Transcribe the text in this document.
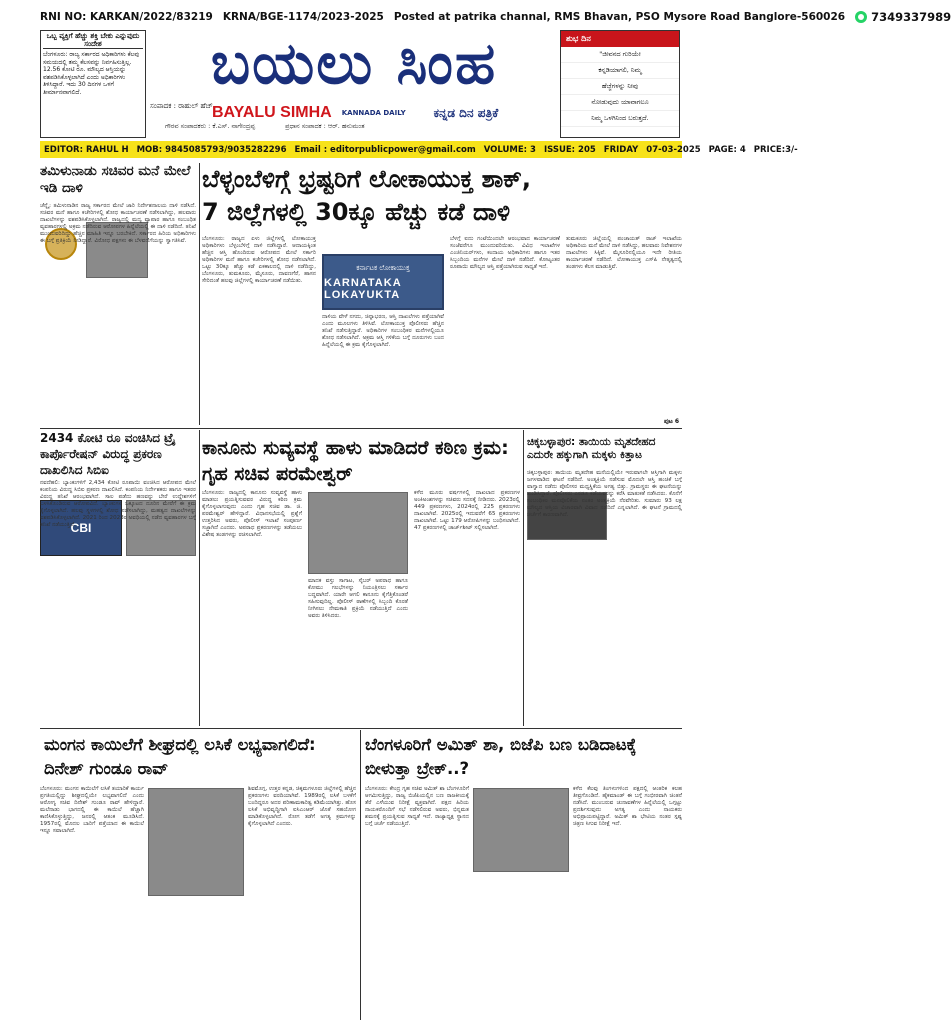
RNI NO: KARKAN/2022/83219 KRNA/BGE-1174/2023-2025 Posted at patrika channal, RMS Bhavan, PSO Mysore Road Banglore-560026 7349337989
ಒಬ್ಬ ವ್ಯಕ್ತಿಗೆ ಹೆಚ್ಚು ಶಕ್ತಿ ಬೇಕು ಎನ್ನುವುದು ಸಂದೇಶ
ಬೆಂಗಳೂರು: ರಾಜ್ಯ ಸರ್ಕಾರದ ಅಧಿಕಾರಿಗಳು ಕೆಲವು ಸಮಯದಲ್ಲಿ ತಮ್ಮ ಕೆಲಸವನ್ನು ನಿರ್ವಹಿಸುತ್ತಿಲ್ಲ. 12.56 ಕೋಟಿ ರೂ. ಮೌಲ್ಯದ ಆಸ್ತಿಯನ್ನು ವಶಪಡಿಸಿಕೊಳ್ಳಲಾಗಿದೆ ಎಂದು ಅಧಿಕಾರಿಗಳು ತಿಳಿಸಿದ್ದಾರೆ. ಇದು 30 ದಿನಗಳ ಒಳಗೆ ತೀರ್ಮಾನವಾಗಲಿದೆ.	ಬಯಲು ಸಿಂಹ
ಸಂಪಾದಕ : ರಾಹುಲ್ ಹೆಚ್.
BAYALU SIMHA KANNADA DAILY ಕನ್ನಡ ದಿನ ಪತ್ರಿಕೆ
ಗೌರವ ಸಂಪಾದಕರು : ಕೆ.ಎಸ್. ನಾಗೇಂದ್ರಪ್ಪ	ಪ್ರಧಾನ ಸಂಪಾದಕ : ಆರ್. ಹನುಮಂತ
ಶುಭ ದಿನ
"ಜೀವನದ ಗುರಿಯೇ
ಕನ್ನಡಿಯಾಗಲಿ, ನಿಮ್ಮ
ಹೆಜ್ಜೆಗಳನ್ನು ನೀವು
ನೋಡುವುದು ಯಾವಾಗಲೂ
ನಿಮ್ಮ ಒಳಗಿನಿಂದ ಬರುತ್ತದೆ.
EDITOR: RAHUL H MOB: 9845085793/9035282296 Email : editorpublicpower@gmail.com VOLUME: 3 ISSUE: 205 FRIDAY 07-03-2025 PAGE: 4 PRICE:3/-
ತಮಿಳುನಾಡು ಸಚಿವರ ಮನೆ ಮೇಲೆ ಇಡಿ ದಾಳಿ
ಚೆನ್ನೈ: ತಮಿಳುನಾಡಿನ ರಾಜ್ಯ ಸರ್ಕಾರದ ಮೇಲೆ ಜಾರಿ ನಿರ್ದೇಶನಾಲಯ ದಾಳಿ ನಡೆಸಿದೆ. ಸಚಿವರ ಮನೆ ಹಾಗೂ ಕಚೇರಿಗಳಲ್ಲಿ ಶೋಧ ಕಾರ್ಯಾಚರಣೆ ನಡೆಸಲಾಗಿದ್ದು, ಹಲವಾರು ದಾಖಲೆಗಳನ್ನು ವಶಪಡಿಸಿಕೊಳ್ಳಲಾಗಿದೆ. ರಾಜ್ಯದಲ್ಲಿ ಮದ್ಯ ವ್ಯಾಪಾರ ಹಾಗೂ ಸಂಬಂಧಿತ ವ್ಯವಹಾರಗಳಲ್ಲಿ ಅಕ್ರಮ ನಡೆದಿರುವ ಆರೋಪಗಳ ಹಿನ್ನೆಲೆಯಲ್ಲಿ ಈ ದಾಳಿ ನಡೆದಿದೆ. ತನಿಖೆ ಮುಂದುವರಿದಿದ್ದು ಹೆಚ್ಚಿನ ಮಾಹಿತಿ ಇನ್ನೂ ಬರಬೇಕಿದೆ. ಸರ್ಕಾರದ ಹಿರಿಯ ಅಧಿಕಾರಿಗಳು ಈ ಬಗ್ಗೆ ಪ್ರತಿಕ್ರಿಯೆ ನೀಡಿದ್ದಾರೆ. ವಿರೋಧ ಪಕ್ಷಗಳು ಈ ಬೆಳವಣಿಗೆಯನ್ನು ಸ್ವಾಗತಿಸಿವೆ.
ಬೆಳ್ಳಂಬೆಳಿಗ್ಗೆ ಭ್ರಷ್ಟರಿಗೆ ಲೋಕಾಯುಕ್ತ ಶಾಕ್,
7 ಜಿಲ್ಲೆಗಳಲ್ಲಿ 30ಕ್ಕೂ ಹೆಚ್ಚು ಕಡೆ ದಾಳಿ
ಬೆಂಗಳೂರು: ರಾಜ್ಯದ ಏಳು ಜಿಲ್ಲೆಗಳಲ್ಲಿ ಲೋಕಾಯುಕ್ತ ಅಧಿಕಾರಿಗಳು ಬೆಳ್ಳಂಬೆಳಿಗ್ಗೆ ದಾಳಿ ನಡೆಸಿದ್ದಾರೆ. ಆದಾಯಕ್ಕಿಂತ ಹೆಚ್ಚಿನ ಆಸ್ತಿ ಹೊಂದಿರುವ ಆರೋಪದ ಮೇಲೆ ಸರ್ಕಾರಿ ಅಧಿಕಾರಿಗಳ ಮನೆ ಹಾಗೂ ಕಚೇರಿಗಳಲ್ಲಿ ಶೋಧ ನಡೆಸಲಾಗಿದೆ. ಒಟ್ಟು 30ಕ್ಕೂ ಹೆಚ್ಚು ಕಡೆ ಏಕಕಾಲದಲ್ಲಿ ದಾಳಿ ನಡೆದಿದ್ದು, ಬೆಂಗಳೂರು, ತುಮಕೂರು, ಮೈಸೂರು, ದಾವಣಗೆರೆ, ಹಾಸನ ಸೇರಿದಂತೆ ಹಲವು ಜಿಲ್ಲೆಗಳಲ್ಲಿ ಕಾರ್ಯಾಚರಣೆ ನಡೆಯಿತು.
ಕರ್ನಾಟಕ ಲೋಕಾಯುಕ್ತ
KARNATAKA LOKAYUKTA
ದಾಳಿಯ ವೇಳೆ ನಗದು, ಚಿನ್ನಾಭರಣ, ಆಸ್ತಿ ದಾಖಲೆಗಳು ಪತ್ತೆಯಾಗಿವೆ ಎಂದು ಮೂಲಗಳು ತಿಳಿಸಿವೆ. ಲೋಕಾಯುಕ್ತ ಪೊಲೀಸರು ಹೆಚ್ಚಿನ ತನಿಖೆ ನಡೆಸುತ್ತಿದ್ದಾರೆ. ಅಧಿಕಾರಿಗಳ ಸಂಬಂಧಿಕರ ಮನೆಗಳಲ್ಲಿಯೂ ಶೋಧ ನಡೆಸಲಾಗಿದೆ. ಅಕ್ರಮ ಆಸ್ತಿ ಗಳಿಕೆಯ ಬಗ್ಗೆ ದೂರುಗಳು ಬಂದ ಹಿನ್ನೆಲೆಯಲ್ಲಿ ಈ ಕ್ರಮ ಕೈಗೊಳ್ಳಲಾಗಿದೆ.
ಬೆಳಗ್ಗೆ ಐದು ಗಂಟೆಯಿಂದಲೇ ಆರಂಭವಾದ ಕಾರ್ಯಾಚರಣೆ ಸಂಜೆವರೆಗೂ ಮುಂದುವರಿಯಿತು. ವಿವಿಧ ಇಲಾಖೆಗಳ ಎಂಜಿನಿಯರ್‌ಗಳು, ಕಂದಾಯ ಅಧಿಕಾರಿಗಳು ಹಾಗೂ ಇತರ ಸಿಬ್ಬಂದಿಯ ಮನೆಗಳ ಮೇಲೆ ದಾಳಿ ನಡೆದಿದೆ. ಕೋಟ್ಯಂತರ ರೂಪಾಯಿ ಮೌಲ್ಯದ ಆಸ್ತಿ ಪತ್ತೆಯಾಗಿರುವ ಸಾಧ್ಯತೆ ಇದೆ.
ತುಮಕೂರು ಜಿಲ್ಲೆಯಲ್ಲಿ ಪಂಚಾಯತ್ ರಾಜ್ ಇಲಾಖೆಯ ಅಧಿಕಾರಿಯ ಮನೆ ಮೇಲೆ ದಾಳಿ ನಡೆಸಿದ್ದು, ಹಲವಾರು ನಿವೇಶನಗಳ ದಾಖಲೆಗಳು ಸಿಕ್ಕಿವೆ. ಮೈಸೂರಿನಲ್ಲಿಯೂ ಇದೇ ರೀತಿಯ ಕಾರ್ಯಾಚರಣೆ ನಡೆದಿದೆ. ಲೋಕಾಯುಕ್ತ ಎಸ್‌ಪಿ ನೇತೃತ್ವದಲ್ಲಿ ತಂಡಗಳು ಕೆಲಸ ಮಾಡುತ್ತಿವೆ.
ಪುಟ 6
2434 ಕೋಟಿ ರೂ ವಂಚಿಸಿದ ಟ್ರೈ ಕಾರ್ಪೊರೇಷನ್ ವಿರುದ್ಧ ಪ್ರಕರಣ ದಾಖಲಿಸಿದ ಸಿಬಿಐ
CBI
ನವದೆಹಲಿ: ಬ್ಯಾಂಕುಗಳಿಗೆ 2,434 ಕೋಟಿ ರೂಪಾಯಿ ವಂಚಿಸಿದ ಆರೋಪದ ಮೇಲೆ ಕಂಪನಿಯ ವಿರುದ್ಧ ಸಿಬಿಐ ಪ್ರಕರಣ ದಾಖಲಿಸಿದೆ. ಕಂಪನಿಯ ನಿರ್ದೇಶಕರು ಹಾಗೂ ಇತರರ ವಿರುದ್ಧ ತನಿಖೆ ಆರಂಭವಾಗಿದೆ. ಸಾಲ ಪಡೆದು ಹಣವನ್ನು ಬೇರೆ ಉದ್ದೇಶಗಳಿಗೆ ಬಳಸಿಕೊಂಡಿರುವ ಆರೋಪವಿದೆ. ಬ್ಯಾಂಕುಗಳ ಒಕ್ಕೂಟದ ದೂರಿನ ಮೇರೆಗೆ ಈ ಕ್ರಮ ಕೈಗೊಳ್ಳಲಾಗಿದೆ. ಹಲವು ಸ್ಥಳಗಳಲ್ಲಿ ಶೋಧ ನಡೆಸಲಾಗಿದ್ದು, ಮಹತ್ವದ ದಾಖಲೆಗಳನ್ನು ವಶಪಡಿಸಿಕೊಳ್ಳಲಾಗಿದೆ. 2021 ರಿಂದ 2023ರ ಅವಧಿಯಲ್ಲಿ ನಡೆದ ವ್ಯವಹಾರಗಳ ಬಗ್ಗೆ ತನಿಖೆ ನಡೆಯುತ್ತಿದೆ.
ಕಾನೂನು ಸುವ್ಯವಸ್ಥೆ ಹಾಳು ಮಾಡಿದರೆ ಕಠಿಣ ಕ್ರಮ: ಗೃಹ ಸಚಿವ ಪರಮೇಶ್ವರ್
ಬೆಂಗಳೂರು: ರಾಜ್ಯದಲ್ಲಿ ಕಾನೂನು ಸುವ್ಯವಸ್ಥೆ ಹಾಳು ಮಾಡಲು ಪ್ರಯತ್ನಿಸುವವರ ವಿರುದ್ಧ ಕಠಿಣ ಕ್ರಮ ಕೈಗೊಳ್ಳಲಾಗುವುದು ಎಂದು ಗೃಹ ಸಚಿವ ಡಾ. ಜಿ. ಪರಮೇಶ್ವರ್ ಹೇಳಿದ್ದಾರೆ. ವಿಧಾನಸಭೆಯಲ್ಲಿ ಪ್ರಶ್ನೆಗೆ ಉತ್ತರಿಸಿದ ಅವರು, ಪೊಲೀಸ್ ಇಲಾಖೆ ಸಂಪೂರ್ಣ ಸಜ್ಜಾಗಿದೆ ಎಂದರು. ಅಪರಾಧ ಪ್ರಕರಣಗಳನ್ನು ತಡೆಯಲು ವಿಶೇಷ ತಂಡಗಳನ್ನು ರಚಿಸಲಾಗಿದೆ.
ಮಾದಕ ವಸ್ತು ಸಾಗಾಟ, ಸೈಬರ್ ಅಪರಾಧ ಹಾಗೂ ಕೋಮು ಗಲಭೆಗಳನ್ನು ನಿಯಂತ್ರಿಸಲು ಸರ್ಕಾರ ಬದ್ಧವಾಗಿದೆ. ಯಾರೇ ಆಗಲಿ ಕಾನೂನು ಕೈಗೆತ್ತಿಕೊಂಡರೆ ಸಹಿಸುವುದಿಲ್ಲ. ಪೊಲೀಸ್ ಠಾಣೆಗಳಲ್ಲಿ ಸಿಬ್ಬಂದಿ ಕೊರತೆ ನೀಗಿಸಲು ನೇಮಕಾತಿ ಪ್ರಕ್ರಿಯೆ ನಡೆಯುತ್ತಿದೆ ಎಂದು ಅವರು ತಿಳಿಸಿದರು.
ಕಳೆದ ಮೂರು ವರ್ಷಗಳಲ್ಲಿ ದಾಖಲಾದ ಪ್ರಕರಣಗಳ ಅಂಕಿಅಂಶಗಳನ್ನು ಸಚಿವರು ಸದನಕ್ಕೆ ನೀಡಿದರು. 2023ರಲ್ಲಿ 449 ಪ್ರಕರಣಗಳು, 2024ರಲ್ಲಿ 225 ಪ್ರಕರಣಗಳು ದಾಖಲಾಗಿವೆ. 2025ರಲ್ಲಿ ಇದುವರೆಗೆ 65 ಪ್ರಕರಣಗಳು ದಾಖಲಾಗಿವೆ. ಒಟ್ಟು 179 ಆರೋಪಿಗಳನ್ನು ಬಂಧಿಸಲಾಗಿದೆ. 47 ಪ್ರಕರಣಗಳಲ್ಲಿ ಚಾರ್ಜ್‌ಶೀಟ್ ಸಲ್ಲಿಸಲಾಗಿದೆ.
ಚಿಕ್ಕಬಳ್ಳಾಪುರ: ತಾಯಿಯ ಮೃತದೇಹದ ಎದುರೇ ಹಕ್ಕುಗಾಗಿ ಮಕ್ಕಳು ಕಿತ್ತಾಟ
ಚಿಕ್ಕಬಳ್ಳಾಪುರ: ತಾಯಿಯ ಮೃತದೇಹ ಮನೆಯಲ್ಲಿಯೇ ಇರುವಾಗಲೇ ಆಸ್ತಿಗಾಗಿ ಮಕ್ಕಳು ಜಗಳವಾಡಿದ ಘಟನೆ ನಡೆದಿದೆ. ಅಂತ್ಯಕ್ರಿಯೆ ನಡೆಸುವ ಮೊದಲೇ ಆಸ್ತಿ ಹಂಚಿಕೆ ಬಗ್ಗೆ ವಾಗ್ವಾದ ನಡೆದು ಪೊಲೀಸರ ಮಧ್ಯಸ್ಥಿಕೆಯ ಅಗತ್ಯ ಬಿತ್ತು. ಗ್ರಾಮಸ್ಥರು ಈ ಘಟನೆಯನ್ನು ಖಂಡಿಸಿದ್ದಾರೆ. ಪೊಲೀಸರು ಎರಡೂ ಕಡೆಯವರನ್ನು ಕರೆಸಿ ಮಾತುಕತೆ ನಡೆಸಿದರು. ಕೊನೆಗೆ ಸಂಬಂಧಿಕರ ಮನವೊಲಿಕೆಯ ನಂತರ ಅಂತ್ಯಕ್ರಿಯೆ ನೆರವೇರಿತು. ಸುಮಾರು 93 ಲಕ್ಷ ಮೌಲ್ಯದ ಆಸ್ತಿಯ ವಿಚಾರವಾಗಿ ವಿವಾದ ನಡೆದಿದೆ ಎನ್ನಲಾಗಿದೆ. ಈ ಘಟನೆ ಗ್ರಾಮದಲ್ಲಿ ಚರ್ಚೆಗೆ ಕಾರಣವಾಗಿದೆ.
ಮಂಗನ ಕಾಯಿಲೆಗೆ ಶೀಘ್ರದಲ್ಲಿ ಲಸಿಕೆ ಲಭ್ಯವಾಗಲಿದೆ: ದಿನೇಶ್ ಗುಂಡೂ ರಾವ್
ಬೆಂಗಳೂರು: ಮಂಗನ ಕಾಯಿಲೆಗೆ ಲಸಿಕೆ ತಯಾರಿಕೆ ಕಾರ್ಯ ಪ್ರಗತಿಯಲ್ಲಿದ್ದು ಶೀಘ್ರದಲ್ಲಿಯೇ ಲಭ್ಯವಾಗಲಿದೆ ಎಂದು ಆರೋಗ್ಯ ಸಚಿವ ದಿನೇಶ್ ಗುಂಡೂ ರಾವ್ ಹೇಳಿದ್ದಾರೆ. ಮಲೆನಾಡು ಭಾಗದಲ್ಲಿ ಈ ಕಾಯಿಲೆ ಹೆಚ್ಚಾಗಿ ಕಾಣಿಸಿಕೊಳ್ಳುತ್ತಿದ್ದು, ಜನರಲ್ಲಿ ಆತಂಕ ಮೂಡಿಸಿದೆ. 1957ರಲ್ಲಿ ಮೊದಲ ಬಾರಿಗೆ ಪತ್ತೆಯಾದ ಈ ಕಾಯಿಲೆ ಇನ್ನೂ ಸವಾಲಾಗಿದೆ.
ಶಿವಮೊಗ್ಗ, ಉತ್ತರ ಕನ್ನಡ, ಚಿಕ್ಕಮಗಳೂರು ಜಿಲ್ಲೆಗಳಲ್ಲಿ ಹೆಚ್ಚಿನ ಪ್ರಕರಣಗಳು ವರದಿಯಾಗಿವೆ. 1989ರಲ್ಲಿ ಲಸಿಕೆ ಬಳಕೆಗೆ ಬಂದಿದ್ದರೂ ಅದರ ಪರಿಣಾಮಕಾರಿತ್ವ ಕಡಿಮೆಯಾಗಿತ್ತು. ಹೊಸ ಲಸಿಕೆ ಅಭಿವೃದ್ಧಿಗಾಗಿ ಐಸಿಎಂಆರ್ ಜೊತೆ ಸಹಯೋಗ ಮಾಡಿಕೊಳ್ಳಲಾಗಿದೆ. ರೋಗ ತಡೆಗೆ ಅಗತ್ಯ ಕ್ರಮಗಳನ್ನು ಕೈಗೊಳ್ಳಲಾಗಿದೆ ಎಂದರು.
ಬೆಂಗಳೂರಿಗೆ ಅಮಿತ್ ಶಾ, ಬಿಜೆಪಿ ಬಣ ಬಡಿದಾಟಕ್ಕೆ ಬೀಳುತ್ತಾ ಬ್ರೇಕ್..?
ಬೆಂಗಳೂರು: ಕೇಂದ್ರ ಗೃಹ ಸಚಿವ ಅಮಿತ್ ಶಾ ಬೆಂಗಳೂರಿಗೆ ಆಗಮಿಸುತ್ತಿದ್ದು, ರಾಜ್ಯ ಬಿಜೆಪಿಯಲ್ಲಿನ ಬಣ ರಾಜಕೀಯಕ್ಕೆ ತೆರೆ ಎಳೆಯುವ ನಿರೀಕ್ಷೆ ವ್ಯಕ್ತವಾಗಿದೆ. ಪಕ್ಷದ ಹಿರಿಯ ನಾಯಕರೊಂದಿಗೆ ಸಭೆ ನಡೆಸಲಿರುವ ಅವರು, ಭಿನ್ನಮತ ಶಮನಕ್ಕೆ ಪ್ರಯತ್ನಿಸುವ ಸಾಧ್ಯತೆ ಇದೆ. ರಾಜ್ಯಾಧ್ಯಕ್ಷ ಸ್ಥಾನದ ಬಗ್ಗೆ ಚರ್ಚೆ ನಡೆಯುತ್ತಿದೆ.
ಕಳೆದ ಕೆಲವು ತಿಂಗಳುಗಳಿಂದ ಪಕ್ಷದಲ್ಲಿ ಆಂತರಿಕ ಕಲಹ ತೀವ್ರಗೊಂಡಿದೆ. ಹೈಕಮಾಂಡ್ ಈ ಬಗ್ಗೆ ಗಂಭೀರವಾಗಿ ಚಿಂತನೆ ನಡೆಸಿದೆ. ಮುಂಬರುವ ಚುನಾವಣೆಗಳ ಹಿನ್ನೆಲೆಯಲ್ಲಿ ಒಗ್ಗಟ್ಟು ಪ್ರದರ್ಶಿಸುವುದು ಅಗತ್ಯ ಎಂದು ನಾಯಕರು ಅಭಿಪ್ರಾಯಪಟ್ಟಿದ್ದಾರೆ. ಅಮಿತ್ ಶಾ ಭೇಟಿಯ ನಂತರ ಸ್ಪಷ್ಟ ಚಿತ್ರಣ ಸಿಗುವ ನಿರೀಕ್ಷೆ ಇದೆ.
